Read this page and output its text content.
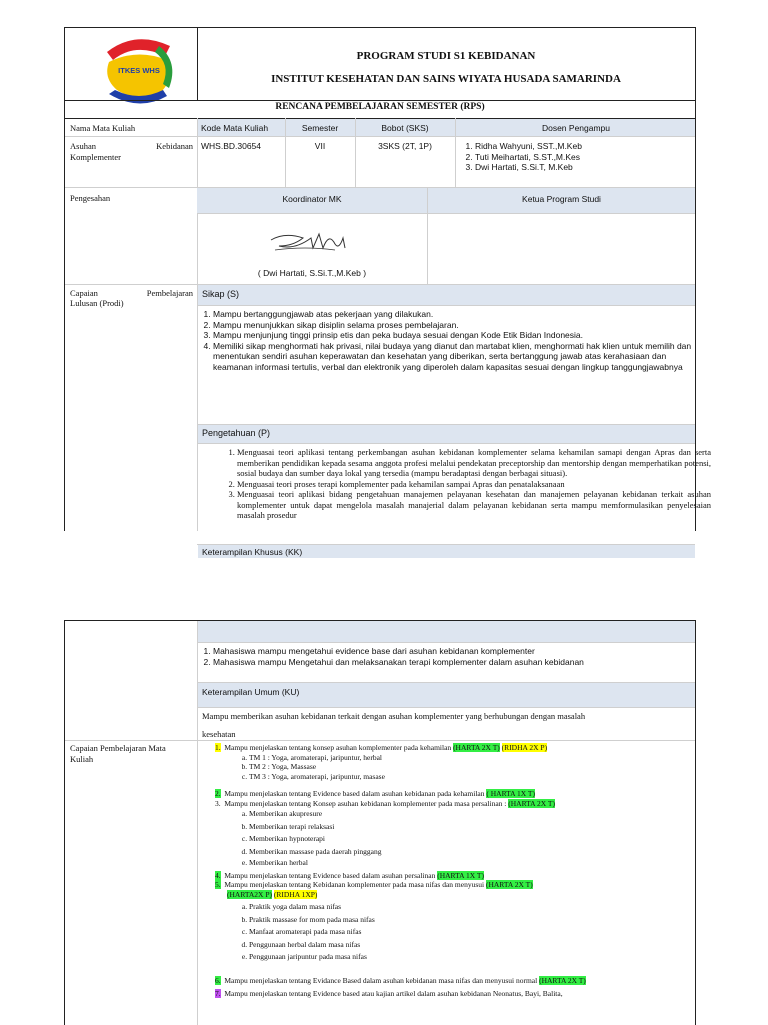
ITKES WHS
PROGRAM STUDI S1 KEBIDANAN
INSTITUT KESEHATAN DAN SAINS WIYATA HUSADA SAMARINDA
RENCANA PEMBELAJARAN SEMESTER (RPS)
Nama Mata Kuliah	Kode Mata Kuliah	Semester	Bobot (SKS)	Dosen Pengampu
Asuhan	Kebidanan
Komplementer
WHS.BD.30654	VII	3SKS (2T, 1P)
1.	Ridha Wahyuni, SST.,M.Keb
2. Tuti Meihartati, S.ST.,M.Kes
3. Dwi Hartati, S.Si.T, M.Keb
Pengesahan	Koordinator MK	Ketua Program Studi
( Dwi Hartati, S.Si.T.,M.Keb )
Capaian	Pembelajaran
Lulusan (Prodi)
Sikap (S)
1. Mampu bertanggungjawab atas pekerjaan yang dilakukan.
2. Mampu menunjukkan sikap disiplin selama proses pembelajaran.
3. Mampu menjunjung tinggi prinsip etis dan peka budaya sesuai dengan Kode Etik Bidan Indonesia.
4. Memiliki sikap menghormati hak privasi, nilai budaya yang dianut dan martabat klien, menghormati hak klien untuk memilih dan menentukan sendiri asuhan keperawatan dan kesehatan yang diberikan, serta bertanggung jawab atas kerahasiaan dan keamanan informasi tertulis, verbal dan elektronik yang diperoleh dalam kapasitas sesuai dengan lingkup tanggungjawabnya
Pengetahuan (P)
1. Menguasai teori aplikasi tentang perkembangan asuhan kebidanan komplementer selama kehamilan samapi dengan Apras dan serta memberikan pendidikan kepada sesama anggota profesi melalui pendekatan preceptorship dan mentorship dengan memperhatikan potensi, sosial budaya dan sumber daya lokal yang tersedia (mampu beradaptasi dengan berbagai situasi).
2. Menguasai teori proses terapi komplementer pada kehamilan sampai Apras dan penatalaksanaan
3. Menguasai teori aplikasi bidang pengetahuan manajemen pelayanan kesehatan dan manajemen pelayanan kebidanan terkait asuhan komplementer untuk dapat mengelola masalah manajerial dalam pelayanan kebidanan serta mampu memformulasikan penyelesaian masalah prosedur
Keterampilan Khusus (KK)
1. Mahasiswa mampu mengetahui evidence base dari asuhan kebidanan komplementer
2. Mahasiswa mampu Mengetahui dan melaksanakan terapi komplementer dalam asuhan kebidanan
Keterampilan Umum (KU)
Mampu memberikan asuhan kebidanan terkait dengan asuhan komplementer yang berhubungan dengan masalah
kesehatan
Capaian Pembelajaran Mata
Kuliah
1. Mampu menjelaskan tentang konsep asuhan komplementer pada kehamilan (HARTA 2X T) (RIDHA 2X P)
a. TM 1 : Yoga, aromaterapi, jaripuntur, herbal
b. TM 2 : Yoga, Massase
c. TM 3 : Yoga, aromaterapi, jaripuntur, masase
2. Mampu menjelaskan tentang Evidence based dalam asuhan kebidanan pada kehamilan ( HARTA 1X T)
3. Mampu menjelaskan tentang Konsep asuhan kebidanan komplementer pada masa persalinan : (HARTA 2X T)
a. Memberikan akupresure
b. Memberikan terapi relaksasi
c. Memberikan hypnoterapi
d. Memberikan massase pada daerah pinggang
e. Memberikan herbal
4. Mampu menjelaskan tentang Evidence based dalam asuhan persalinan (HARTA 1X T)
5. Mampu menjelaskan tentang Kebidanan komplementer pada masa nifas dan menyusui (HARTA 2X T)
(HARTA2X P) (RIDHA 1XP)
a. Praktik yoga dalam masa nifas
b. Praktik massase for mom pada masa nifas
c. Manfaat aromaterapi pada masa nifas
d. Penggunaan herbal dalam masa nifas
e. Penggunaan jaripuntur pada masa nifas
6. Mampu menjelaskan tentang Evidance Based dalam asuhan kebidanan masa nifas dan menyusui normal (HARTA 2X T)
7. Mampu menjelaskan tentang Evidence based atau kajian artikel dalam asuhan kebidanan Neonatus, Bayi, Balita,
